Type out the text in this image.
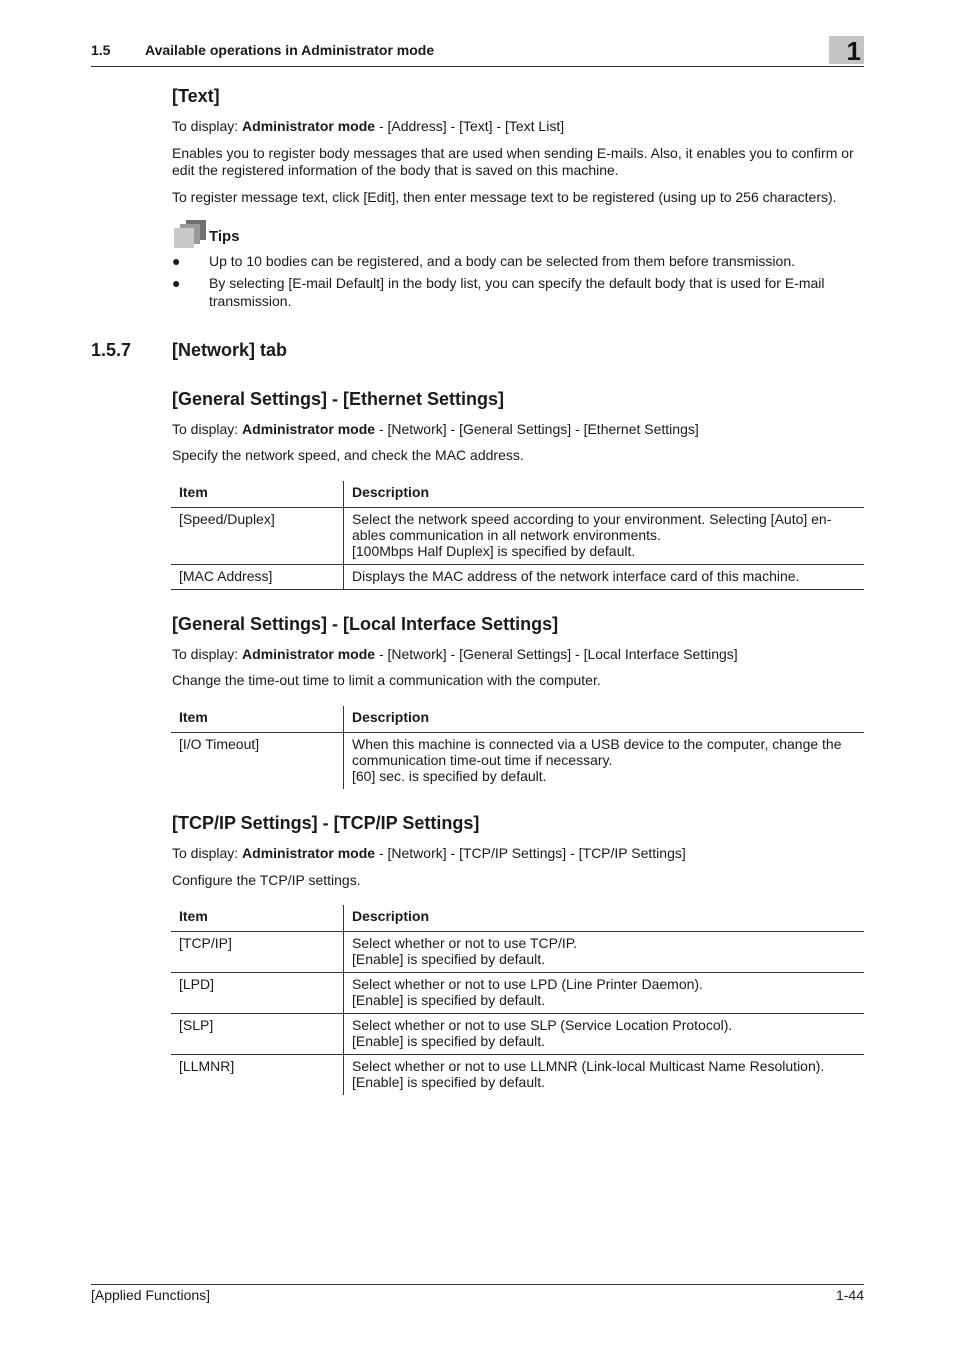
1.5 Available operations in Administrator mode	1
[Text]

To display: Administrator mode - [Address] - [Text] - [Text List]

Enables you to register body messages that are used when sending E-mails. Also, it enables you to confirm or edit the registered information of the body that is saved on this machine.

To register message text, click [Edit], then enter message text to be registered (using up to 256 characters).

Tips
● Up to 10 bodies can be registered, and a body can be selected from them before transmission.
● By selecting [E-mail Default] in the body list, you can specify the default body that is used for E-mail transmission.
1.5.7 [Network] tab
[General Settings] - [Ethernet Settings]

To display: Administrator mode - [Network] - [General Settings] - [Ethernet Settings]

Specify the network speed, and check the MAC address.

Item	Description
[Speed/Duplex]	Select the network speed according to your environment. Selecting [Auto] en-
ables communication in all network environments.
[100Mbps Half Duplex] is specified by default.

[MAC Address]	Displays the MAC address of the network interface card of this machine.
[General Settings] - [Local Interface Settings]

To display: Administrator mode - [Network] - [General Settings] - [Local Interface Settings]

Change the time-out time to limit a communication with the computer.

Item	Description
[I/O Timeout]	When this machine is connected via a USB device to the computer, change the
communication time-out time if necessary.
[60] sec. is specified by default.
[TCP/IP Settings] - [TCP/IP Settings]

To display: Administrator mode - [Network] - [TCP/IP Settings] - [TCP/IP Settings]

Configure the TCP/IP settings.

Item	Description
[TCP/IP]	Select whether or not to use TCP/IP.
[Enable] is specified by default.

[LPD]	Select whether or not to use LPD (Line Printer Daemon).
[Enable] is specified by default.

[SLP]	Select whether or not to use SLP (Service Location Protocol).
[Enable] is specified by default.

[LLMNR]	Select whether or not to use LLMNR (Link-local Multicast Name Resolution).
[Enable] is specified by default.
[Applied Functions]	1-44
